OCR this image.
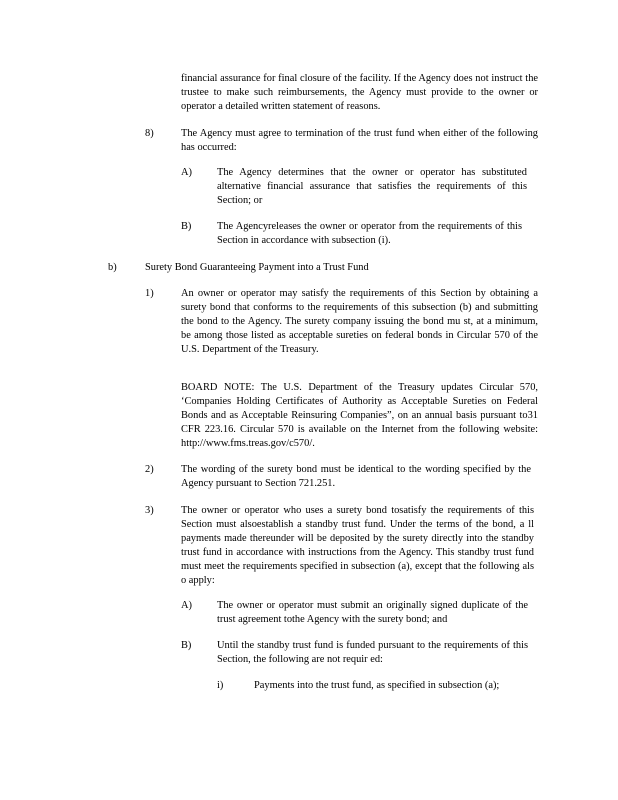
financial assurance for final closure of the facility. If the Agency does not instruct the trustee to make such reimbursements, the Agency must provide to the owner or operator a detailed written statement of reasons.

8)	The Agency must agree to termination of the trust fund when either of the following has occurred:

A) The Agency determines that the owner or operator has substituted alternative financial assurance that satisfies the requirements of this Section; or

B) The Agencyreleases the owner or operator from the requirements of this Section in accordance with subsection (i).

b)	Surety Bond Guaranteeing Payment into a Trust Fund
1)	An owner or operator may satisfy the requirements of this Section by obtaining a surety bond that conforms to the requirements of this subsection (b) and submitting the bond to the Agency. The surety company issuing the bond mu st, at a minimum, be among those listed as acceptable sureties on federal bonds in Circular 570 of the U.S. Department of the Treasury.

BOARD NOTE: The U.S. Department of the Treasury updates Circular 570, ‘Companies Holding Certificates of Authority as Acceptable Sureties on Federal Bonds and as Acceptable Reinsuring Companies”, on an annual basis pursuant to31 CFR 223.16. Circular 570 is available on the Internet from the following website: http://www.fms.treas.gov/c570/.

2)	The wording of the surety bond must be identical to the wording specified by the Agency pursuant to Section 721.251.

3)	The owner or operator who uses a surety bond tosatisfy the requirements of this Section must alsoestablish a standby trust fund. Under the terms of the bond, a ll payments made thereunder will be deposited by the surety directly into the standby trust fund in accordance with instructions from the Agency. This standby trust fund must meet the requirements specified in subsection (a), except that the following als o apply:

A) The owner or operator must submit an originally signed duplicate of the trust agreement tothe Agency with the surety bond; and

B) Until the standby trust fund is funded pursuant to the requirements of this Section, the following are not requir ed:

i)	Payments into the trust fund, as specified in subsection (a);
